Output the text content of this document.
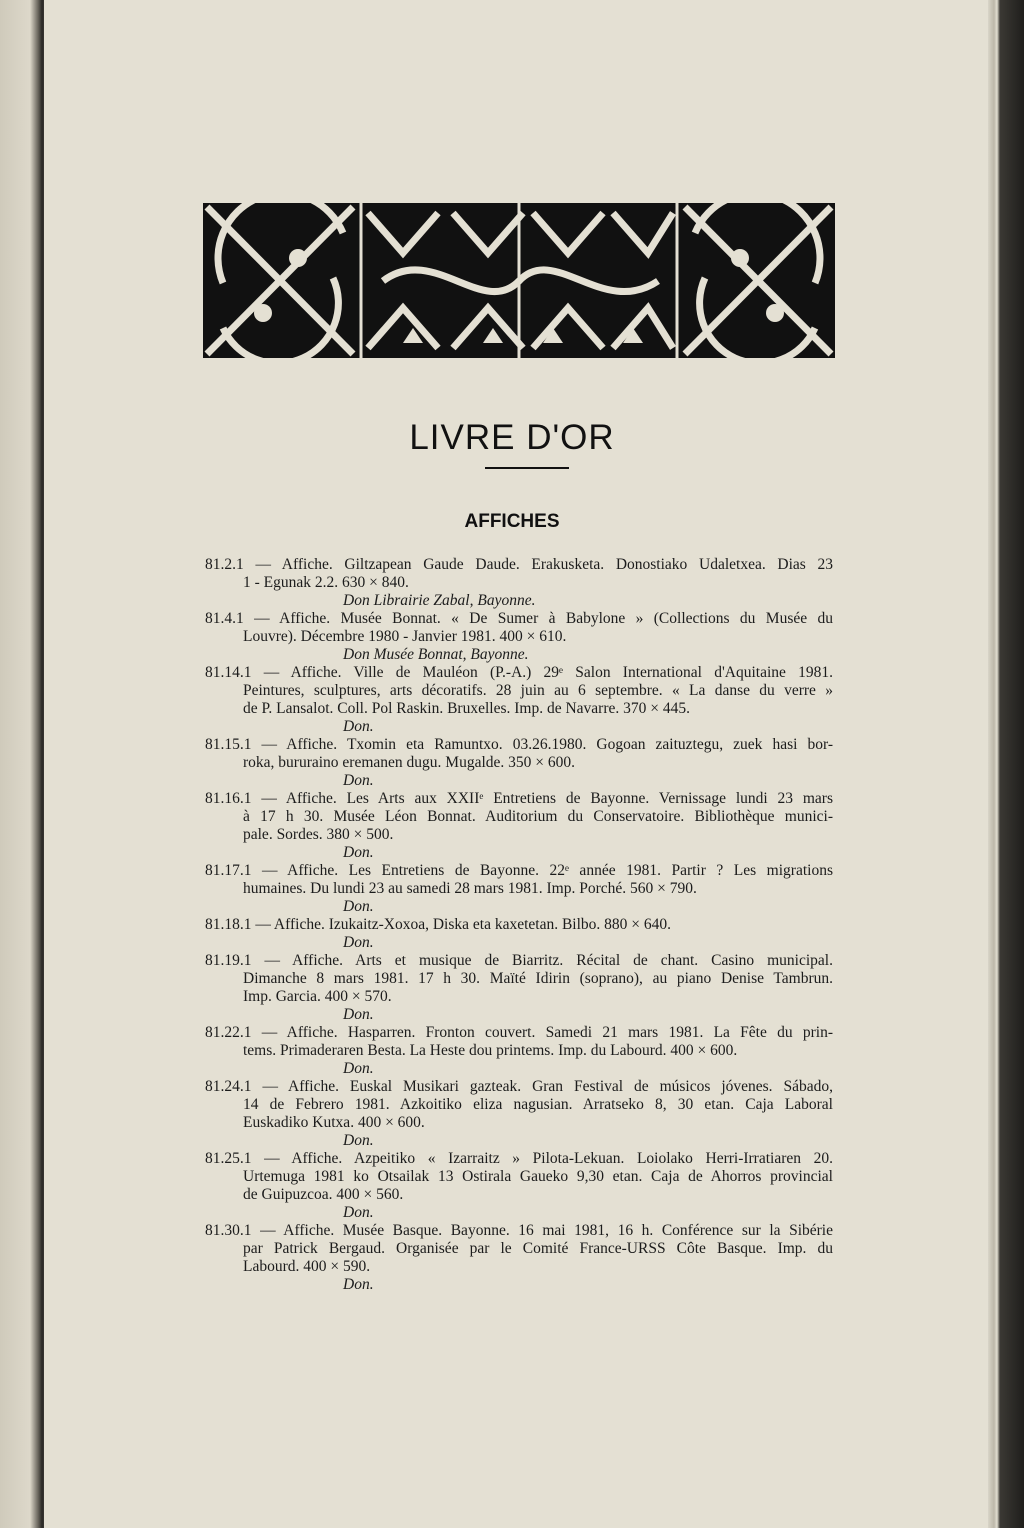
LIVRE D'OR
AFFICHES
81.2.1 — Affiche. Giltzapean Gaude Daude. Erakusketa. Donostiako Udaletxea. Dias 23
1 - Egunak 2.2. 630 × 840.
Don Librairie Zabal, Bayonne.
81.4.1 — Affiche. Musée Bonnat. « De Sumer à Babylone » (Collections du Musée du
Louvre). Décembre 1980 - Janvier 1981. 400 × 610.
Don Musée Bonnat, Bayonne.
81.14.1 — Affiche. Ville de Mauléon (P.-A.) 29ᵉ Salon International d'Aquitaine 1981.
Peintures, sculptures, arts décoratifs. 28 juin au 6 septembre. « La danse du verre »
de P. Lansalot. Coll. Pol Raskin. Bruxelles. Imp. de Navarre. 370 × 445.
Don.
81.15.1 — Affiche. Txomin eta Ramuntxo. 03.26.1980. Gogoan zaituztegu, zuek hasi bor-
roka, bururaino eremanen dugu. Mugalde. 350 × 600.
Don.
81.16.1 — Affiche. Les Arts aux XXIIᵉ Entretiens de Bayonne. Vernissage lundi 23 mars
à 17 h 30. Musée Léon Bonnat. Auditorium du Conservatoire. Bibliothèque munici-
pale. Sordes. 380 × 500.
Don.
81.17.1 — Affiche. Les Entretiens de Bayonne. 22ᵉ année 1981. Partir ? Les migrations
humaines. Du lundi 23 au samedi 28 mars 1981. Imp. Porché. 560 × 790.
Don.
81.18.1 — Affiche. Izukaitz-Xoxoa, Diska eta kaxetetan. Bilbo. 880 × 640.
Don.
81.19.1 — Affiche. Arts et musique de Biarritz. Récital de chant. Casino municipal.
Dimanche 8 mars 1981. 17 h 30. Maïté Idirin (soprano), au piano Denise Tambrun.
Imp. Garcia. 400 × 570.
Don.
81.22.1 — Affiche. Hasparren. Fronton couvert. Samedi 21 mars 1981. La Fête du prin-
tems. Primaderaren Besta. La Heste dou printems. Imp. du Labourd. 400 × 600.
Don.
81.24.1 — Affiche. Euskal Musikari gazteak. Gran Festival de músicos jóvenes. Sábado,
14 de Febrero 1981. Azkoitiko eliza nagusian. Arratseko 8, 30 etan. Caja Laboral
Euskadiko Kutxa. 400 × 600.
Don.
81.25.1 — Affiche. Azpeitiko « Izarraitz » Pilota-Lekuan. Loiolako Herri-Irratiaren 20.
Urtemuga 1981 ko Otsailak 13 Ostirala Gaueko 9,30 etan. Caja de Ahorros provincial
de Guipuzcoa. 400 × 560.
Don.
81.30.1 — Affiche. Musée Basque. Bayonne. 16 mai 1981, 16 h. Conférence sur la Sibérie
par Patrick Bergaud. Organisée par le Comité France-URSS Côte Basque. Imp. du
Labourd. 400 × 590.
Don.
